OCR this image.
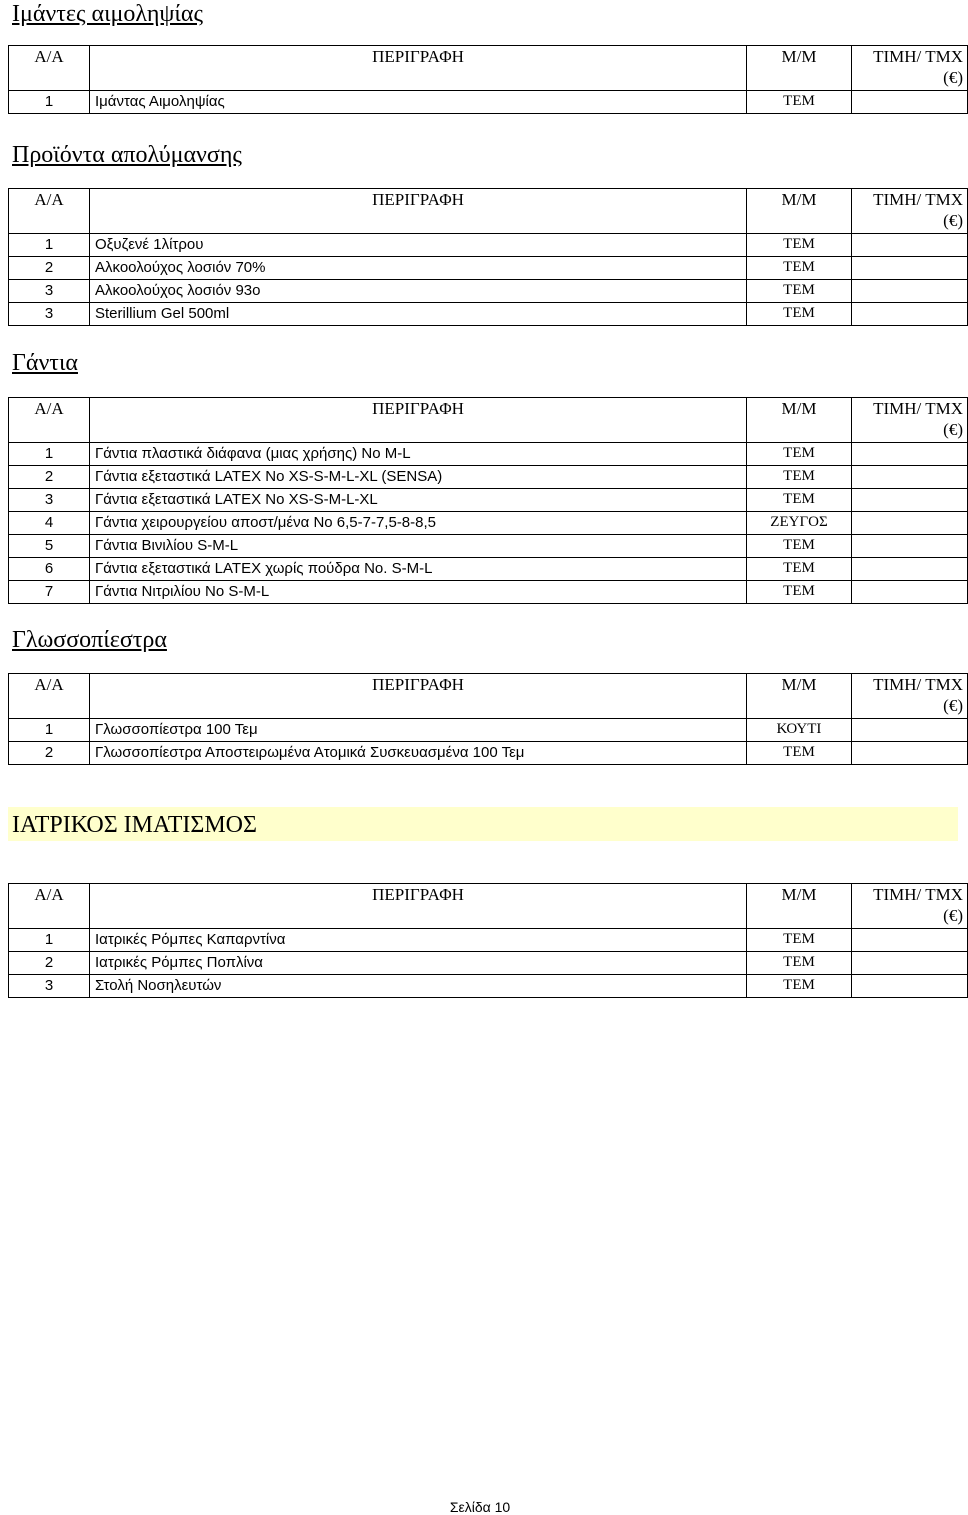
Ιμάντες αιμοληψίας
Α/Α	ΠΕΡΙΓΡΑΦΗ	Μ/Μ	ΤΙΜΗ/ ΤΜΧ
(€)

1	Ιμάντας Αιμοληψίας	ΤΕΜ	
Προϊόντα απολύμανσης
Α/Α	ΠΕΡΙΓΡΑΦΗ	Μ/Μ	ΤΙΜΗ/ ΤΜΧ
(€)

1	Οξυζενέ 1λίτρου	ΤΕΜ	
2	Αλκοολούχος λοσιόν 70%	ΤΕΜ	
3	Αλκοολούχος λοσιόν 93ο	ΤΕΜ	
3	Sterillium Gel 500ml	ΤΕΜ	
Γάντια
Α/Α	ΠΕΡΙΓΡΑΦΗ	Μ/Μ	ΤΙΜΗ/ ΤΜΧ
(€)

1	Γάντια πλαστικά διάφανα (μιας χρήσης) Νο M-L	ΤΕΜ	
2	Γάντια εξεταστικά LATEX Νο XS-S-M-L-XL (SENSA)	ΤΕΜ	
3	Γάντια εξεταστικά LATEX Νο XS-S-M-L-XL	ΤΕΜ	
4	Γάντια χειρουργείου αποστ/μένα Νο 6,5-7-7,5-8-8,5	ΖΕΥΓΟΣ	
5	Γάντια Βινιλίου S-M-L	ΤΕΜ	
6	Γάντια εξεταστικά LATEX χωρίς πούδρα Νο. S-M-L	ΤΕΜ	
7	Γάντια Νιτριλίου Νο S-M-L	ΤΕΜ	
Γλωσσοπίεστρα
Α/Α	ΠΕΡΙΓΡΑΦΗ	Μ/Μ	ΤΙΜΗ/ ΤΜΧ
(€)

1	Γλωσσοπίεστρα 100 Τεμ	ΚΟΥΤΙ	
2	Γλωσσοπίεστρα Αποστειρωμένα Ατομικά Συσκευασμένα 100 Τεμ	ΤΕΜ	
ΙΑΤΡΙΚΟΣ ΙΜΑΤΙΣΜΟΣ
Α/Α	ΠΕΡΙΓΡΑΦΗ	Μ/Μ	ΤΙΜΗ/ ΤΜΧ
(€)

1	Ιατρικές Ρόμπες Καπαρντίνα	ΤΕΜ	
2	Ιατρικές Ρόμπες Ποπλίνα	ΤΕΜ	
3	Στολή Νοσηλευτών	ΤΕΜ	
Σελίδα 10
